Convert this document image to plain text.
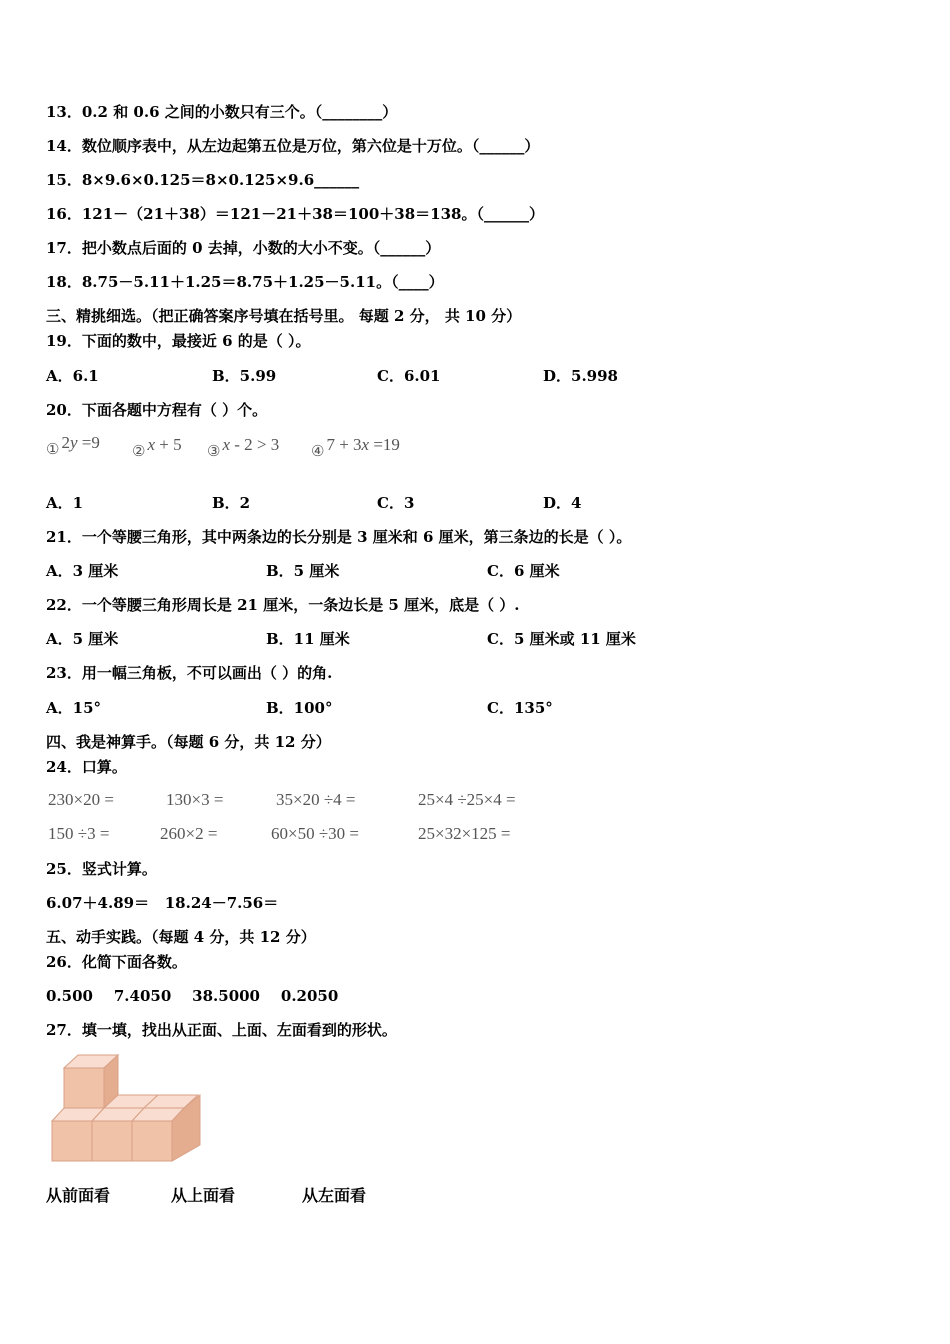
13．0.2 和 0.6 之间的小数只有三个。（________）
14．数位顺序表中，从左边起第五位是万位，第六位是十万位。（______）
15．8×9.6×0.125＝8×0.125×9.6______
16．121－（21＋38）＝121－21＋38＝100＋38＝138。（______）
17．把小数点后面的 0 去掉，小数的大小不变。（______）
18．8.75－5.11＋1.25＝8.75＋1.25－5.11。（____）
三、精挑细选。（把正确答案序号填在括号里。 每题 2 分， 共 10 分）
19．下面的数中，最接近 6 的是（ ）。
A．6.1	B．5.99	C．6.01	D．5.998
20．下面各题中方程有（ ）个。
① 2y =9 ② x + 5 ③ x - 2 > 3 ④ 7 + 3x =19
A．1	B．2	C．3	D．4
21．一个等腰三角形，其中两条边的长分别是 3 厘米和 6 厘米，第三条边的长是（ ）。
A．3 厘米	B．5 厘米	C．6 厘米
22．一个等腰三角形周长是 21 厘米，一条边长是 5 厘米，底是（ ）.
A．5 厘米	B．11 厘米	C．5 厘米或 11 厘米
23．用一幅三角板，不可以画出（ ）的角.
A．15°	B．100°	C．135°
四、我是神算手。（每题 6 分，共 12 分）
24．口算。
230×20 =	130×3 =	35×20 ÷4 =	25×4 ÷25×4 =
150 ÷3 =	260×2 =	60×50 ÷30 =	25×32×125 =
25．竖式计算。
6.07＋4.89＝   18.24－7.56＝
五、动手实践。（每题 4 分，共 12 分）
26．化简下面各数。
0.500    7.4050    38.5000    0.2050
27．填一填，找出从正面、上面、左面看到的形状。
从前面看	从上面看	从左面看
